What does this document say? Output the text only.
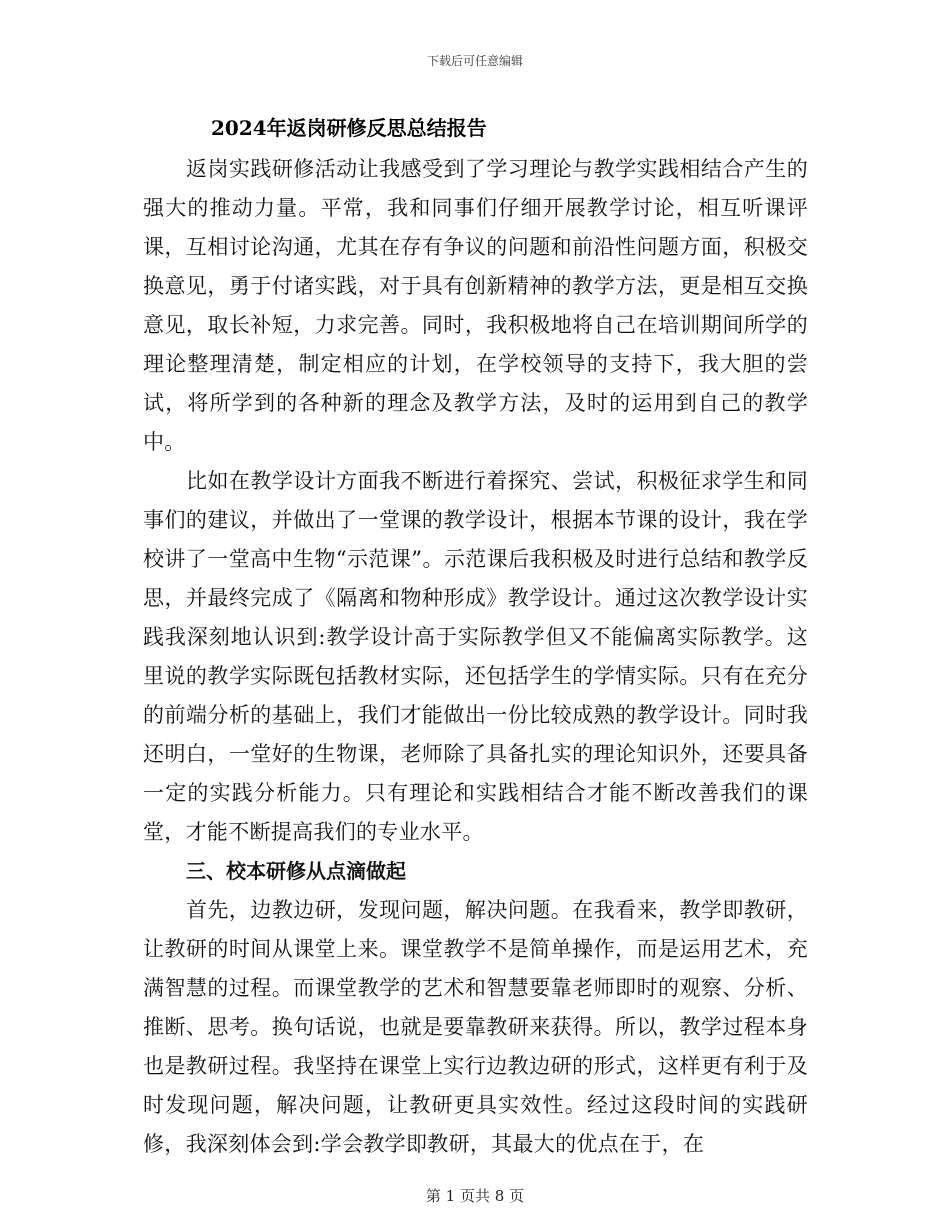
下载后可任意编辑
2024年返岗研修反思总结报告

返岗实践研修活动让我感受到了学习理论与教学实践相结合产生的强大的推动力量。平常，我和同事们仔细开展教学讨论，相互听课评课，互相讨论沟通，尤其在存有争议的问题和前沿性问题方面，积极交换意见，勇于付诸实践，对于具有创新精神的教学方法，更是相互交换意见，取长补短，力求完善。同时，我积极地将自己在培训期间所学的理论整理清楚，制定相应的计划，在学校领导的支持下，我大胆的尝试，将所学到的各种新的理念及教学方法，及时的运用到自己的教学中。

比如在教学设计方面我不断进行着探究、尝试，积极征求学生和同事们的建议，并做出了一堂课的教学设计，根据本节课的设计，我在学校讲了一堂高中生物“示范课”。示范课后我积极及时进行总结和教学反思，并最终完成了《隔离和物种形成》教学设计。通过这次教学设计实践我深刻地认识到:教学设计高于实际教学但又不能偏离实际教学。这里说的教学实际既包括教材实际，还包括学生的学情实际。只有在充分的前端分析的基础上，我们才能做出一份比较成熟的教学设计。同时我还明白，一堂好的生物课，老师除了具备扎实的理论知识外，还要具备一定的实践分析能力。只有理论和实践相结合才能不断改善我们的课堂，才能不断提高我们的专业水平。

三、校本研修从点滴做起

首先，边教边研，发现问题，解决问题。在我看来，教学即教研，让教研的时间从课堂上来。课堂教学不是简单操作，而是运用艺术，充满智慧的过程。而课堂教学的艺术和智慧要靠老师即时的观察、分析、推断、思考。换句话说，也就是要靠教研来获得。所以，教学过程本身也是教研过程。我坚持在课堂上实行边教边研的形式，这样更有利于及时发现问题，解决问题，让教研更具实效性。经过这段时间的实践研修，我深刻体会到:学会教学即教研，其最大的优点在于，在

第 1 页共 8 页
